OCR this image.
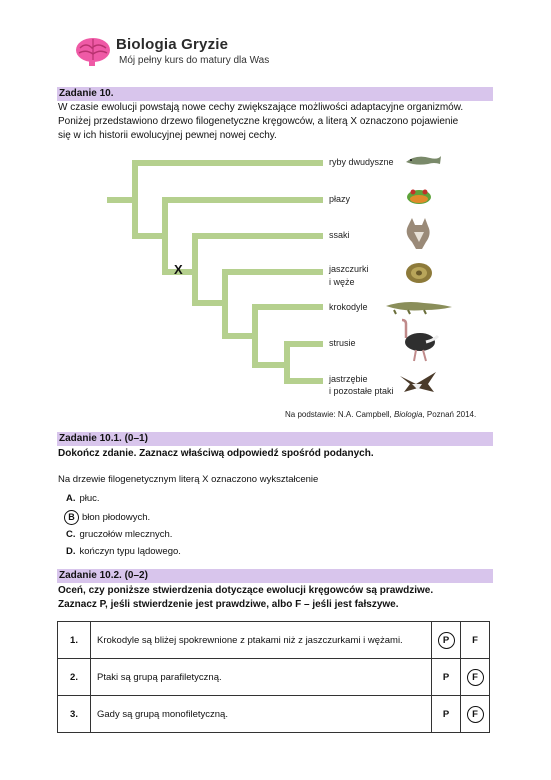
Biologia Gryzie
Mój pełny kurs do matury dla Was
Zadanie 10.
W czasie ewolucji powstają nowe cechy zwiększające możliwości adaptacyjne organizmów.
Poniżej przedstawiono drzewo filogenetyczne kręgowców, a literą X oznaczono pojawienie
się w ich historii ewolucyjnej pewnej nowej cechy.
X
ryby dwudyszne
płazy
ssaki
jaszczurki
i węże
krokodyle
strusie
jastrzębie
i pozostałe ptaki
Na podstawie: N.A. Campbell, Biologia, Poznań 2014.
Zadanie 10.1. (0–1)
Dokończ zdanie. Zaznacz właściwą odpowiedź spośród podanych.
Na drzewie filogenetycznym literą X oznaczono wykształcenie
A. płuc.
B błon płodowych.
C. gruczołów mlecznych.
D. kończyn typu lądowego.
Zadanie 10.2. (0–2)
Oceń, czy poniższe stwierdzenia dotyczące ewolucji kręgowców są prawdziwe.
Zaznacz P, jeśli stwierdzenie jest prawdziwe, albo F – jeśli jest fałszywe.
1.	Krokodyle są bliżej spokrewnione z ptakami niż z jaszczurkami i wężami.	P	F
2.	Ptaki są grupą parafiletyczną.	P	F
3.	Gady są grupą monofiletyczną.	P	F
